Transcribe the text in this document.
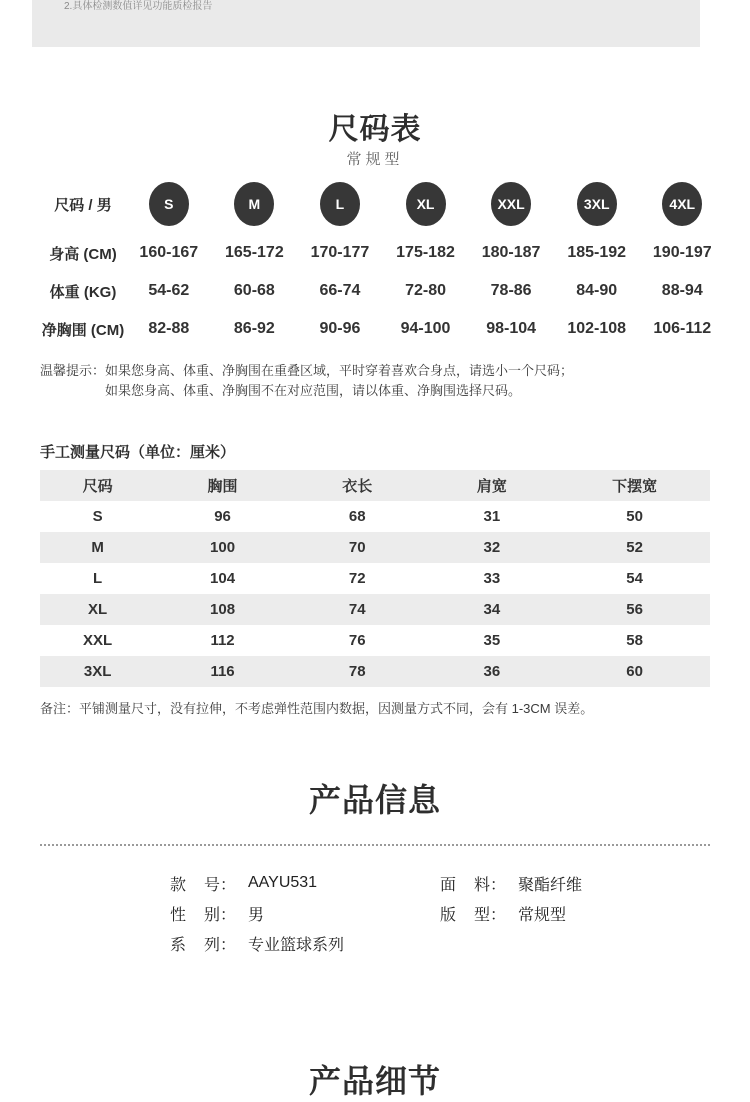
2.具体检测数值详见功能质检报告
尺码表
常规型
尺码 / 男	S	M	L	XL	XXL	3XL	4XL
身高 (CM)	160-167	165-172	170-177	175-182	180-187	185-192	190-197
体重 (KG)	54-62	60-68	66-74	72-80	78-86	84-90	88-94
净胸围 (CM)	82-88	86-92	90-96	94-100	98-104	102-108	106-112
温馨提示： 如果您身高、体重、净胸围在重叠区域，平时穿着喜欢合身点，请选小一个尺码；
如果您身高、体重、净胸围不在对应范围，请以体重、净胸围选择尺码。
手工测量尺码（单位：厘米）
尺码	胸围	衣长	肩宽	下摆宽
S	96	68	31	50
M	100	70	32	52
L	104	72	33	54
XL	108	74	34	56
XXL	112	76	35	58
3XL	116	78	36	60
备注：平铺测量尺寸，没有拉伸，不考虑弹性范围内数据，因测量方式不同，会有 1-3CM 误差。
产品信息
款 号： AAYU531
性 别： 男
系 列： 专业篮球系列
面 料： 聚酯纤维
版 型： 常规型
产品细节
